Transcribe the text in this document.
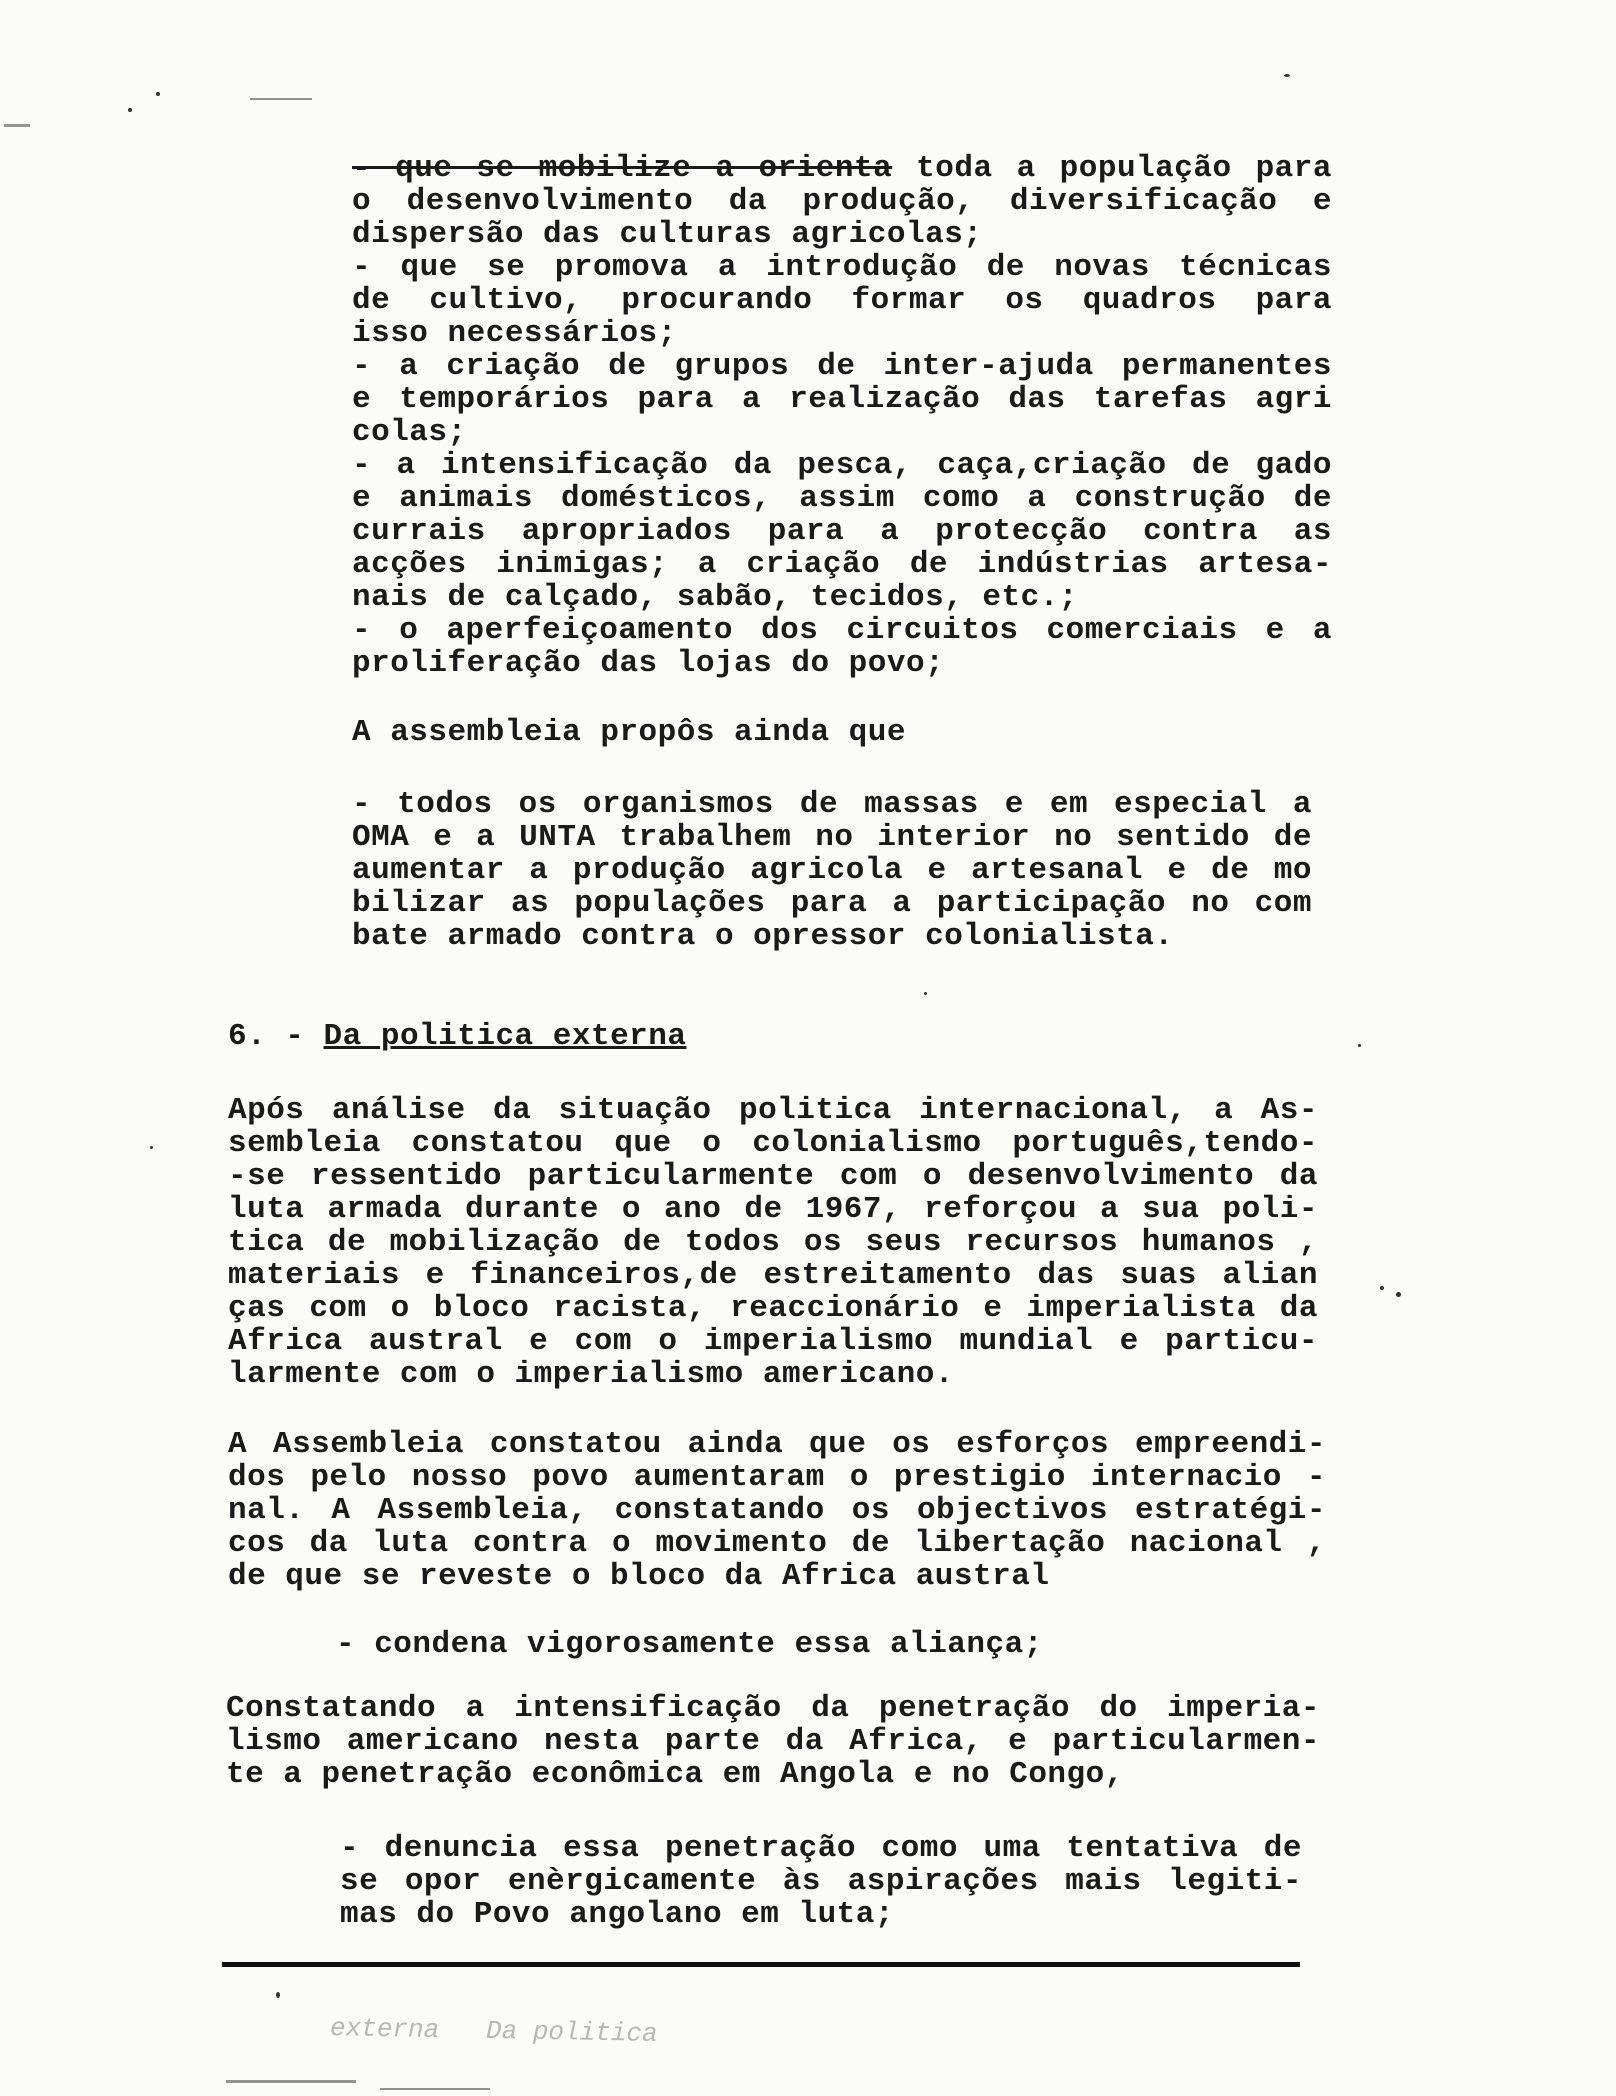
- que se mobilize a orienta toda a população para
o desenvolvimento da produção, diversificação e
dispersão das culturas agricolas;
- que se promova a introdução de novas técnicas
de cultivo, procurando formar os quadros para
isso necessários;
- a criação de grupos de inter-ajuda permanentes
e temporários para a realização das tarefas agri
colas;
- a intensificação da pesca, caça,criação de gado
e animais domésticos, assim como a construção de
currais apropriados para a protecção contra as
acções inimigas; a criação de indústrias artesa-
nais de calçado, sabão, tecidos, etc.;
- o aperfeiçoamento dos circuitos comerciais e a
proliferação das lojas do povo;
A assembleia propôs ainda que
- todos os organismos de massas e em especial a
OMA e a UNTA trabalhem no interior no sentido de
aumentar a produção agricola e artesanal e de mo
bilizar as populações para a participação no com
bate armado contra o opressor colonialista.
6. - Da politica externa
Após análise da situação politica internacional, a As-
sembleia constatou que o colonialismo português,tendo-
-se ressentido particularmente com o desenvolvimento da
luta armada durante o ano de 1967, reforçou a sua poli-
tica de mobilização de todos os seus recursos humanos ,
materiais e financeiros,de estreitamento das suas alian
ças com o bloco racista, reaccionário e imperialista da
Africa austral e com o imperialismo mundial e particu-
larmente com o imperialismo americano.
A Assembleia constatou ainda que os esforços empreendi-
dos pelo nosso povo aumentaram o prestigio internacio -
nal. A Assembleia, constatando os objectivos estratégi-
cos da luta contra o movimento de libertação nacional ,
de que se reveste o bloco da Africa austral
- condena vigorosamente essa aliança;
Constatando a intensificação da penetração do imperia-
lismo americano nesta parte da Africa, e particularmen-
te a penetração econômica em Angola e no Congo,
- denuncia essa penetração como uma tentativa de
se opor enèrgicamente às aspirações mais legiti-
mas do Povo angolano em luta;
externa   Da politica
